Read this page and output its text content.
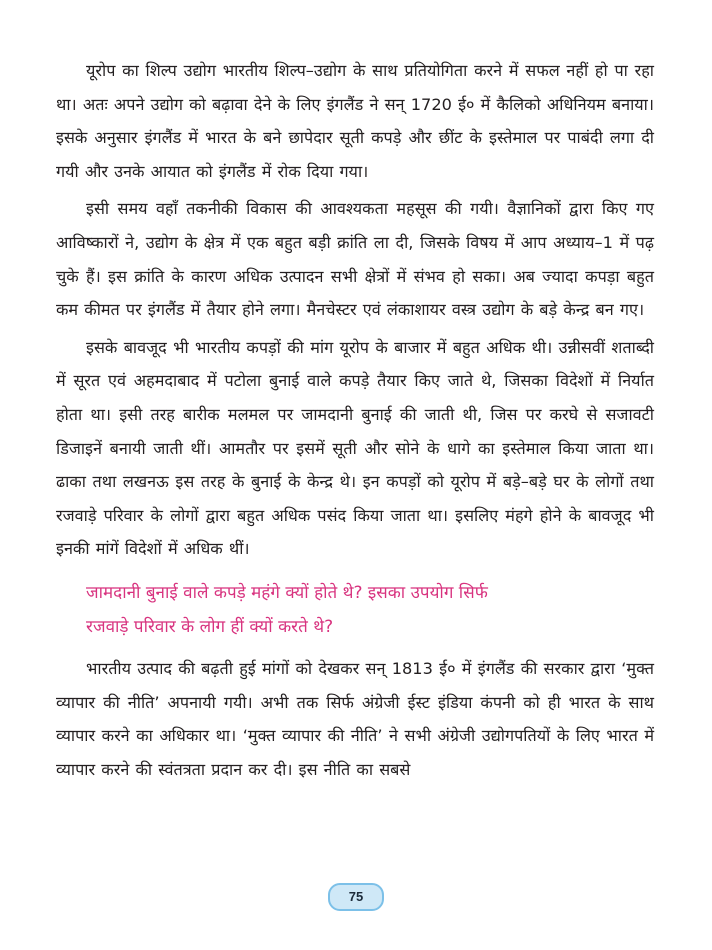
यूरोप का शिल्प उद्योग भारतीय शिल्प–उद्योग के साथ प्रतियोगिता करने में सफल नहीं हो पा रहा था। अतः अपने उद्योग को बढ़ावा देने के लिए इंगलैंड ने सन् 1720 ई० में कैलिको अधिनियम बनाया। इसके अनुसार इंगलैंड में भारत के बने छापेदार सूती कपड़े और छींट के इस्तेमाल पर पाबंदी लगा दी गयी और उनके आयात को इंगलैंड में रोक दिया गया।

इसी समय वहाँ तकनीकी विकास की आवश्यकता महसूस की गयी। वैज्ञानिकों द्वारा किए गए आविष्कारों ने, उद्योग के क्षेत्र में एक बहुत बड़ी क्रांति ला दी, जिसके विषय में आप अध्याय–1 में पढ़ चुके हैं। इस क्रांति के कारण अधिक उत्पादन सभी क्षेत्रों में संभव हो सका। अब ज्यादा कपड़ा बहुत कम कीमत पर इंगलैंड में तैयार होने लगा। मैनचेस्टर एवं लंकाशायर वस्त्र उद्योग के बड़े केन्द्र बन गए।

इसके बावजूद भी भारतीय कपड़ों की मांग यूरोप के बाजार में बहुत अधिक थी। उन्नीसवीं शताब्दी में सूरत एवं अहमदाबाद में पटोला बुनाई वाले कपड़े तैयार किए जाते थे, जिसका विदेशों में निर्यात होता था। इसी तरह बारीक मलमल पर जामदानी बुनाई की जाती थी, जिस पर करघे से सजावटी डिजाइनें बनायी जाती थीं। आमतौर पर इसमें सूती और सोने के धागे का इस्तेमाल किया जाता था। ढाका तथा लखनऊ इस तरह के बुनाई के केन्द्र थे। इन कपड़ों को यूरोप में बड़े–बड़े घर के लोगों तथा रजवाड़े परिवार के लोगों द्वारा बहुत अधिक पसंद किया जाता था। इसलिए मंहगे होने के बावजूद भी इनकी मांगें विदेशों में अधिक थीं।

जामदानी बुनाई वाले कपड़े महंगे क्यों होते थे? इसका उपयोग सिर्फ
रजवाड़े परिवार के लोग हीं क्यों करते थे?

भारतीय उत्पाद की बढ़ती हुई मांगों को देखकर सन् 1813 ई० में इंगलैंड की सरकार द्वारा ‘मुक्त व्यापार की नीति’ अपनायी गयी। अभी तक सिर्फ अंग्रेजी ईस्ट इंडिया कंपनी को ही भारत के साथ व्यापार करने का अधिकार था। ‘मुक्त व्यापार की नीति’ ने सभी अंग्रेजी उद्योगपतियों के लिए भारत में व्यापार करने की स्वंतत्रता प्रदान कर दी। इस नीति का सबसे

75
